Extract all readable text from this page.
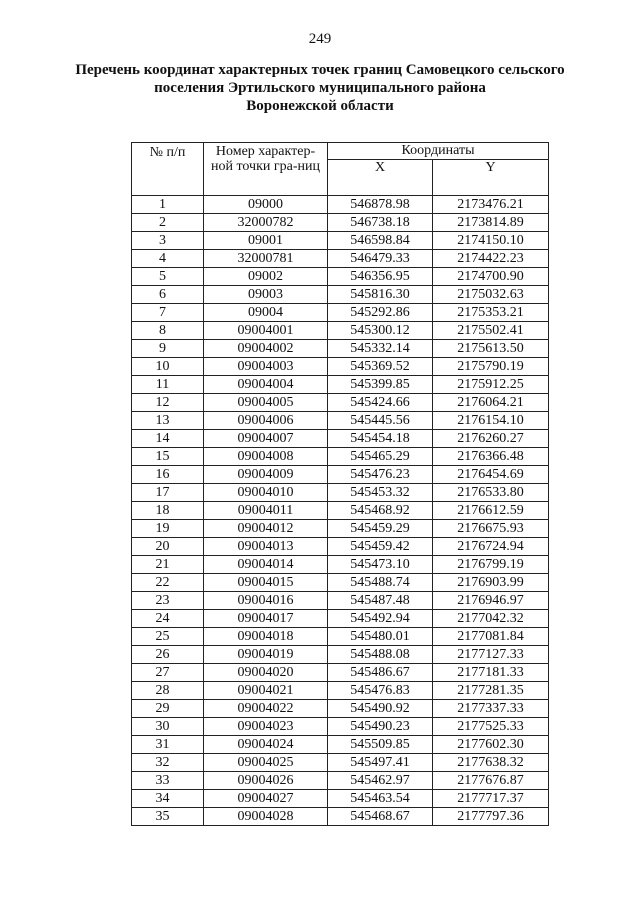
249
Перечень координат характерных точек границ Самовецкого сельского
поселения Эртильского муниципального района
Воронежской области
№ п/п	Номер характер-ной точки гра-ниц	Координаты	
		X	Y
1	09000	546878.98	2173476.21
2	32000782	546738.18	2173814.89
3	09001	546598.84	2174150.10
4	32000781	546479.33	2174422.23
5	09002	546356.95	2174700.90
6	09003	545816.30	2175032.63
7	09004	545292.86	2175353.21
8	09004001	545300.12	2175502.41
9	09004002	545332.14	2175613.50
10	09004003	545369.52	2175790.19
11	09004004	545399.85	2175912.25
12	09004005	545424.66	2176064.21
13	09004006	545445.56	2176154.10
14	09004007	545454.18	2176260.27
15	09004008	545465.29	2176366.48
16	09004009	545476.23	2176454.69
17	09004010	545453.32	2176533.80
18	09004011	545468.92	2176612.59
19	09004012	545459.29	2176675.93
20	09004013	545459.42	2176724.94
21	09004014	545473.10	2176799.19
22	09004015	545488.74	2176903.99
23	09004016	545487.48	2176946.97
24	09004017	545492.94	2177042.32
25	09004018	545480.01	2177081.84
26	09004019	545488.08	2177127.33
27	09004020	545486.67	2177181.33
28	09004021	545476.83	2177281.35
29	09004022	545490.92	2177337.33
30	09004023	545490.23	2177525.33
31	09004024	545509.85	2177602.30
32	09004025	545497.41	2177638.32
33	09004026	545462.97	2177676.87
34	09004027	545463.54	2177717.37
35	09004028	545468.67	2177797.36
